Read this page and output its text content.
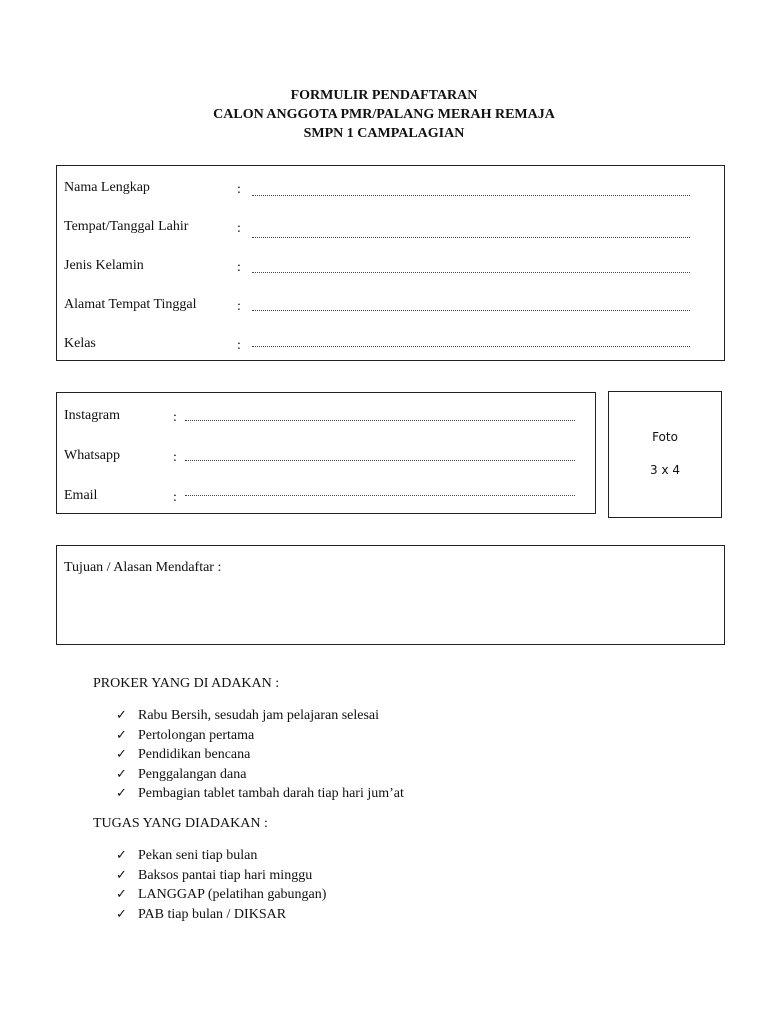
FORMULIR PENDAFTARAN
CALON ANGGOTA PMR/PALANG MERAH REMAJA
SMPN 1 CAMPALAGIAN
Nama Lengkap	:
Tempat/Tanggal Lahir	:
Jenis Kelamin	:
Alamat Tempat Tinggal	:
Kelas	:
Instagram	:
Whatsapp	:
Email	:
Foto
3 x 4
Tujuan / Alasan Mendaftar :
PROKER YANG DI ADAKAN :
✓ Rabu Bersih, sesudah jam pelajaran selesai
✓ Pertolongan pertama
✓ Pendidikan bencana
✓ Penggalangan dana
✓ Pembagian tablet tambah darah tiap hari jum’at
TUGAS YANG DIADAKAN :
✓ Pekan seni tiap bulan
✓ Baksos pantai tiap hari minggu
✓ LANGGAP (pelatihan gabungan)
✓ PAB tiap bulan / DIKSAR
